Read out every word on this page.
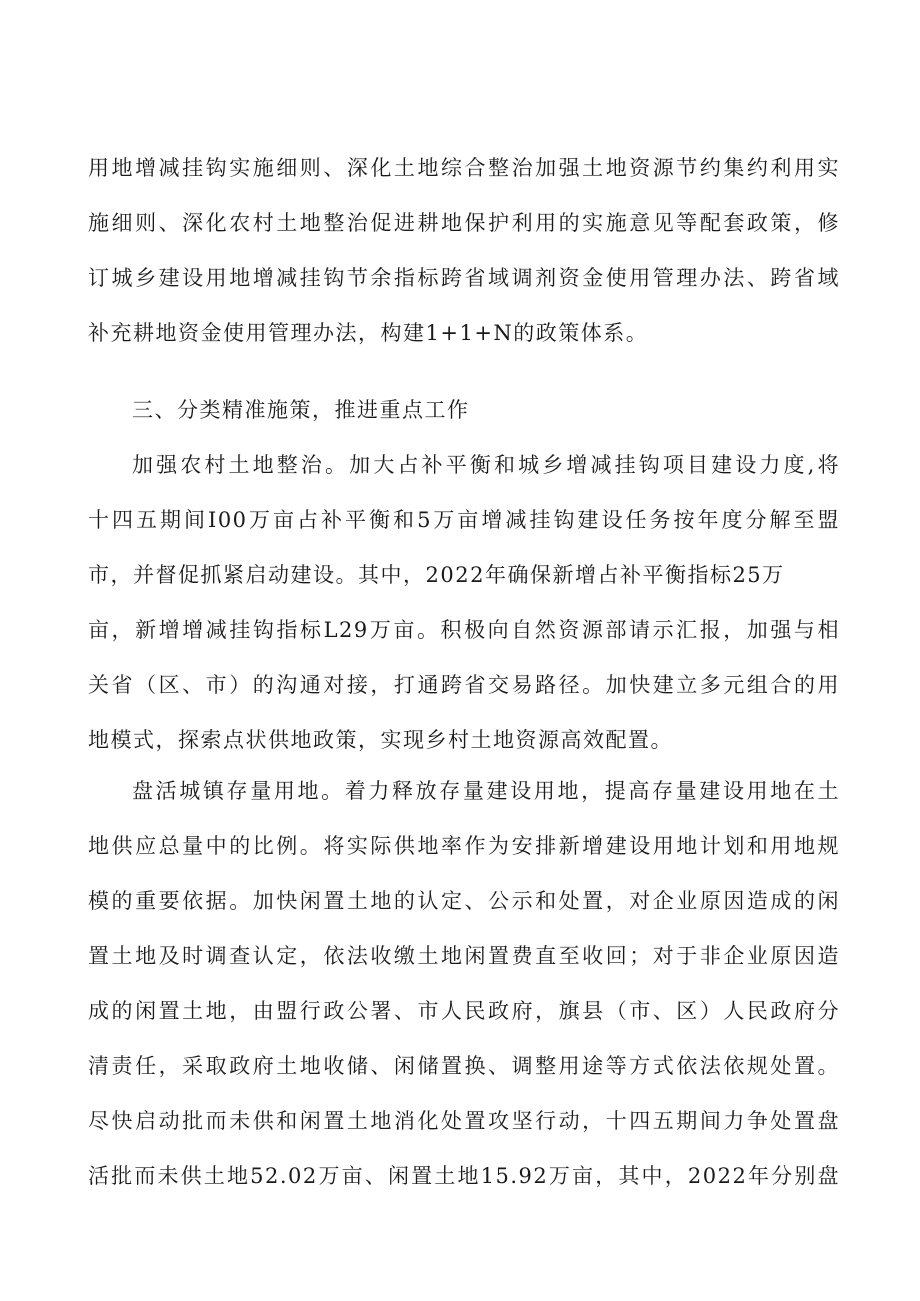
用地增减挂钩实施细则、深化土地综合整治加强土地资源节约集约利用实
施细则、深化农村土地整治促进耕地保护利用的实施意见等配套政策，修
订城乡建设用地增减挂钩节余指标跨省域调剂资金使用管理办法、跨省域
补充耕地资金使用管理办法，构建1+1+N的政策体系。
三、分类精准施策，推进重点工作
加强农村土地整治。加大占补平衡和城乡增减挂钩项目建设力度,将
十四五期间I00万亩占补平衡和5万亩增减挂钩建设任务按年度分解至盟
市，并督促抓紧启动建设。其中，2022年确保新增占补平衡指标25万
亩，新增增减挂钩指标L29万亩。积极向自然资源部请示汇报，加强与相
关省（区、市）的沟通对接，打通跨省交易路径。加快建立多元组合的用
地模式，探索点状供地政策，实现乡村土地资源高效配置。
盘活城镇存量用地。着力释放存量建设用地，提高存量建设用地在土
地供应总量中的比例。将实际供地率作为安排新增建设用地计划和用地规
模的重要依据。加快闲置土地的认定、公示和处置，对企业原因造成的闲
置土地及时调查认定，依法收缴土地闲置费直至收回；对于非企业原因造
成的闲置土地，由盟行政公署、市人民政府，旗县（市、区）人民政府分
清责任，采取政府土地收储、闲储置换、调整用途等方式依法依规处置。
尽快启动批而未供和闲置土地消化处置攻坚行动，十四五期间力争处置盘
活批而未供土地52.02万亩、闲置土地15.92万亩，其中，2022年分别盘
